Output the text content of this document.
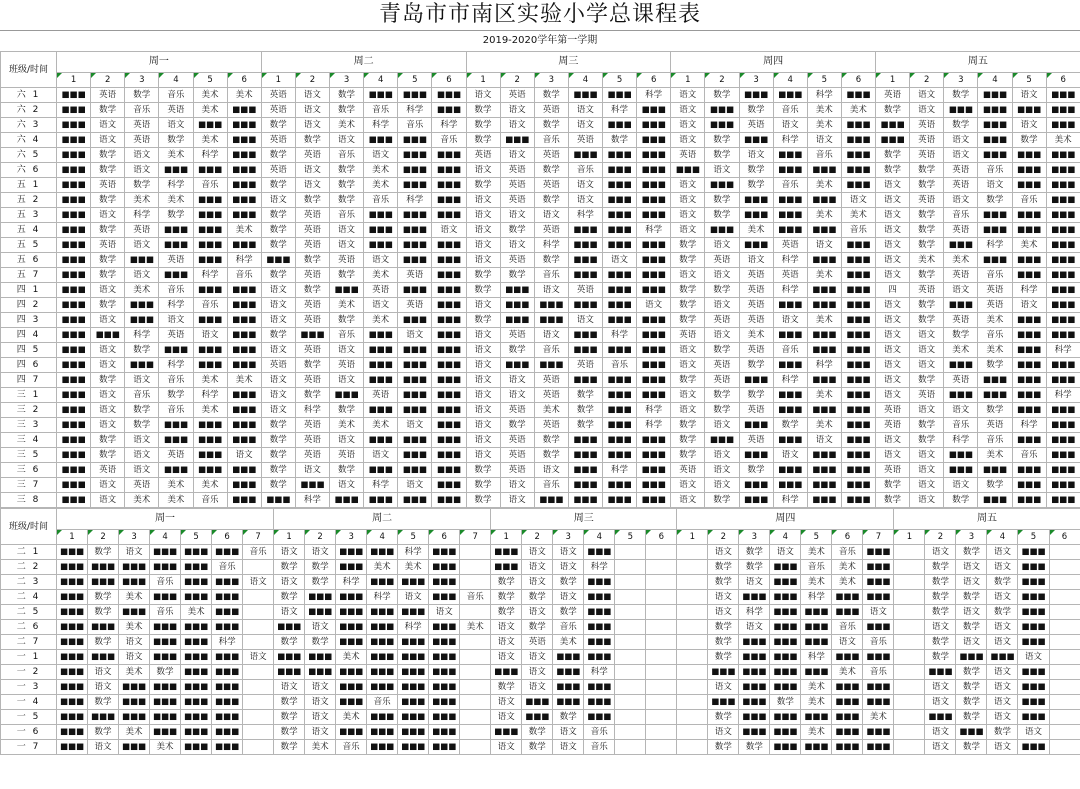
青岛市市南区实验小学总课程表
2019-2020学年第一学期
班级/时间	周一						周二						周三						周四						周五					
	1	2	3	4	5	6	1	2	3	4	5	6	1	2	3	4	5	6	1	2	3	4	5	6	1	2	3	4	5	6
六 1	■■■	英语	数学	音乐	美术	美术	英语	语文	数学	■■■	■■■	■■■	语文	英语	数学	■■■	■■■	科学	语文	数学	■■■	■■■	科学	■■■	英语	语文	数学	■■■	语文	■■■
六 2	■■■	数学	音乐	英语	美术	■■■	英语	语文	数学	音乐	科学	■■■	数学	语文	英语	语文	科学	■■■	语文	■■■	数学	音乐	美术	美术	数学	语文	■■■	■■■	■■■	■■■
六 3	■■■	语文	英语	语文	■■■	■■■	数学	语文	美术	科学	音乐	科学	数学	语文	数学	语文	■■■	■■■	语文	■■■	英语	语文	美术	■■■	■■■	英语	数学	■■■	语文	■■■
六 4	■■■	语文	英语	数学	美术	■■■	英语	数学	语文	■■■	■■■	音乐	数学	■■■	音乐	英语	数学	■■■	语文	数学	■■■	科学	语文	■■■	■■■	英语	语文	■■■	数学	美术
六 5	■■■	数学	语文	美术	科学	■■■	数学	英语	音乐	语文	■■■	■■■	英语	语文	英语	■■■	■■■	■■■	英语	数学	语文	■■■	音乐	■■■	数学	英语	语文	■■■	■■■	■■■
六 6	■■■	数学	语文	■■■	■■■	■■■	英语	语文	数学	美术	■■■	■■■	语文	英语	数学	音乐	■■■	■■■	■■■	语文	数学	■■■	■■■	■■■	数学	数学	英语	音乐	■■■	■■■
五 1	■■■	英语	数学	科学	音乐	■■■	数学	语文	数学	美术	■■■	■■■	数学	英语	英语	语文	■■■	■■■	语文	■■■	数学	音乐	美术	■■■	语文	数学	英语	语文	■■■	■■■
五 2	■■■	数学	美术	美术	■■■	■■■	语文	数学	数学	音乐	科学	■■■	语文	英语	数学	语文	■■■	■■■	语文	数学	■■■	■■■	■■■	语文	语文	英语	语文	数学	音乐	■■■
五 3	■■■	语文	科学	数学	■■■	■■■	数学	英语	音乐	■■■	■■■	■■■	语文	语文	语文	科学	■■■	■■■	语文	数学	■■■	■■■	美术	美术	语文	数学	音乐	■■■	■■■	■■■
五 4	■■■	数学	英语	■■■	■■■	美术	数学	英语	语文	■■■	■■■	语文	语文	数学	英语	■■■	■■■	科学	语文	■■■	美术	■■■	■■■	音乐	语文	数学	英语	■■■	■■■	■■■
五 5	■■■	英语	语文	■■■	■■■	■■■	数学	英语	语文	■■■	■■■	■■■	语文	语文	科学	■■■	■■■	■■■	数学	语文	■■■	英语	语文	■■■	语文	数学	■■■	科学	美术	■■■
五 6	■■■	数学	■■■	英语	■■■	科学	■■■	数学	英语	语文	■■■	■■■	语文	英语	数学	■■■	语文	■■■	数学	英语	语文	科学	■■■	■■■	语文	美术	美术	■■■	■■■	■■■
五 7	■■■	数学	语文	■■■	科学	音乐	数学	英语	数学	美术	英语	■■■	数学	数学	音乐	■■■	■■■	■■■	语文	语文	英语	英语	美术	■■■	语文	数学	英语	音乐	■■■	■■■
四 1	■■■	语文	美术	音乐	■■■	■■■	语文	数学	■■■	英语	■■■	■■■	数学	■■■	语文	英语	■■■	■■■	数学	数学	英语	科学	■■■	■■■	四	英语	语文	英语	科学	■■■
四 2	■■■	数学	■■■	科学	音乐	■■■	语文	英语	美术	语文	英语	■■■	语文	■■■	■■■	■■■	■■■	语文	数学	语文	英语	■■■	■■■	■■■	语文	数学	■■■	英语	语文	■■■
四 3	■■■	语文	■■■	语文	■■■	■■■	语文	英语	数学	美术	■■■	■■■	数学	■■■	■■■	语文	■■■	■■■	数学	英语	英语	语文	美术	■■■	语文	数学	英语	美术	■■■	■■■
四 4	■■■	■■■	科学	英语	语文	■■■	数学	■■■	音乐	■■■	语文	■■■	语文	英语	语文	■■■	科学	■■■	英语	语文	美术	■■■	■■■	■■■	语文	语文	数学	音乐	■■■	■■■
四 5	■■■	语文	数学	■■■	■■■	■■■	语文	英语	语文	■■■	■■■	■■■	语文	数学	音乐	■■■	■■■	■■■	语文	数学	英语	音乐	■■■	■■■	语文	语文	美术	美术	■■■	科学
四 6	■■■	语文	■■■	科学	■■■	■■■	英语	数学	英语	■■■	■■■	■■■	语文	■■■	■■■	英语	音乐	■■■	语文	英语	数学	■■■	科学	■■■	语文	语文	■■■	数学	■■■	■■■
四 7	■■■	数学	语文	音乐	美术	美术	语文	英语	语文	■■■	■■■	■■■	语文	语文	英语	■■■	■■■	■■■	数学	英语	■■■	科学	■■■	■■■	语文	数学	英语	■■■	■■■	■■■
三 1	■■■	语文	音乐	数学	科学	■■■	语文	数学	■■■	英语	■■■	■■■	语文	语文	英语	数学	■■■	■■■	语文	数学	数学	■■■	美术	■■■	语文	英语	■■■	■■■	■■■	科学
三 2	■■■	语文	数学	音乐	美术	■■■	语文	科学	数学	■■■	■■■	■■■	语文	英语	美术	数学	■■■	科学	语文	数学	英语	■■■	■■■	■■■	英语	语文	语文	数学	■■■	■■■
三 3	■■■	语文	数学	■■■	■■■	■■■	数学	英语	美术	美术	语文	■■■	语文	数学	英语	数学	■■■	科学	数学	语文	■■■	数学	美术	■■■	英语	数学	音乐	英语	科学	■■■
三 4	■■■	数学	语文	■■■	■■■	■■■	数学	英语	语文	■■■	■■■	■■■	语文	英语	数学	■■■	■■■	■■■	数学	■■■	英语	■■■	语文	■■■	语文	数学	科学	音乐	■■■	■■■
三 5	■■■	数学	语文	英语	■■■	语文	数学	英语	英语	语文	■■■	■■■	语文	英语	数学	■■■	■■■	■■■	数学	语文	■■■	语文	■■■	■■■	语文	语文	■■■	美术	音乐	■■■
三 6	■■■	英语	语文	■■■	■■■	■■■	数学	语文	数学	■■■	■■■	■■■	数学	英语	语文	■■■	科学	■■■	英语	语文	数学	■■■	■■■	■■■	英语	语文	■■■	■■■	■■■	■■■
三 7	■■■	语文	英语	美术	美术	■■■	数学	■■■	语文	科学	语文	■■■	数学	语文	音乐	■■■	■■■	■■■	语文	语文	■■■	■■■	■■■	■■■	数学	语文	语文	数学	■■■	■■■
三 8	■■■	语文	美术	美术	音乐	■■■	■■■	科学	■■■	■■■	■■■	■■■	数学	语文	■■■	■■■	■■■	■■■	语文	数学	■■■	科学	■■■	■■■	数学	语文	数学	■■■	■■■	■■■
班级/时间	周一							周二							周三						周四							周五					
	1	2	3	4	5	6	7	1	2	3	4	5	6	7	1	2	3	4	5	6	1	2	3	4	5	6	7	1	2	3	4	5	6
二 1	■■■	数学	语文	■■■	■■■	■■■	音乐	语文	语文	■■■	■■■	科学	■■■		■■■	语文	语文	■■■				语文	数学	语文	美术	音乐	■■■		语文	数学	语文	■■■	
二 2	■■■	■■■	■■■	■■■	■■■	音乐		数学	数学	■■■	美术	美术	■■■		■■■	语文	语文	科学				数学	数学	■■■	音乐	美术	■■■		数学	语文	语文	■■■	
二 3	■■■	■■■	■■■	音乐	■■■	■■■	语文	语文	数学	科学	■■■	■■■	■■■		数学	语文	数学	■■■				数学	语文	■■■	美术	美术	■■■		数学	语文	数学	■■■	
二 4	■■■	数学	美术	■■■	■■■	■■■		数学	■■■	■■■	科学	语文	■■■	音乐	数学	数学	语文	■■■				语文	■■■	■■■	科学	■■■	■■■		数学	数学	语文	■■■	
二 5	■■■	数学	■■■	音乐	美术	■■■		语文	■■■	■■■	■■■	■■■	语文		数学	语文	数学	■■■				语文	科学	■■■	■■■	■■■	语文		数学	语文	数学	■■■	
二 6	■■■	■■■	美术	■■■	■■■	■■■		■■■	语文	■■■	■■■	科学	■■■	美术	语文	数学	音乐	■■■				数学	语文	■■■	■■■	音乐	■■■		语文	数学	语文	■■■	
二 7	■■■	数学	语文	■■■	■■■	科学		数学	数学	■■■	■■■	■■■	■■■		语文	英语	美术	■■■				数学	■■■	■■■	■■■	语文	音乐		数学	语文	语文	■■■	
一 1	■■■	■■■	语文	■■■	■■■	■■■	语文	■■■	■■■	美术	■■■	■■■	■■■		语文	语文	■■■	■■■				数学	■■■	■■■	科学	■■■	■■■		数学	■■■	■■■	语文	
一 2	■■■	语文	美术	数学	■■■	■■■		■■■	■■■	■■■	■■■	■■■	■■■		■■■	语文	■■■	科学				■■■	■■■	■■■	■■■	美术	音乐		■■■	数学	语文	■■■	
一 3	■■■	语文	■■■	■■■	■■■	■■■		语文	语文	■■■	■■■	■■■	■■■		数学	语文	■■■	■■■				语文	■■■	■■■	美术	■■■	■■■		语文	数学	语文	■■■	
一 4	■■■	数学	■■■	■■■	■■■	■■■		数学	语文	■■■	音乐	■■■	■■■		语文	■■■	■■■	■■■				■■■	■■■	数学	美术	■■■	■■■		语文	数学	语文	■■■	
一 5	■■■	■■■	■■■	■■■	■■■	■■■		数学	语文	美术	■■■	■■■	■■■		语文	■■■	数学	■■■				数学	■■■	■■■	■■■	■■■	美术		■■■	数学	语文	■■■	
一 6	■■■	数学	美术	■■■	■■■	■■■		数学	语文	■■■	■■■	■■■	■■■		■■■	数学	语文	音乐				语文	■■■	■■■	美术	■■■	■■■		语文	■■■	数学	语文	
一 7	■■■	语文	■■■	美术	■■■	■■■		数学	美术	音乐	■■■	■■■	■■■		语文	数学	语文	音乐				数学	数学	■■■	■■■	■■■	■■■		语文	数学	语文	■■■	
